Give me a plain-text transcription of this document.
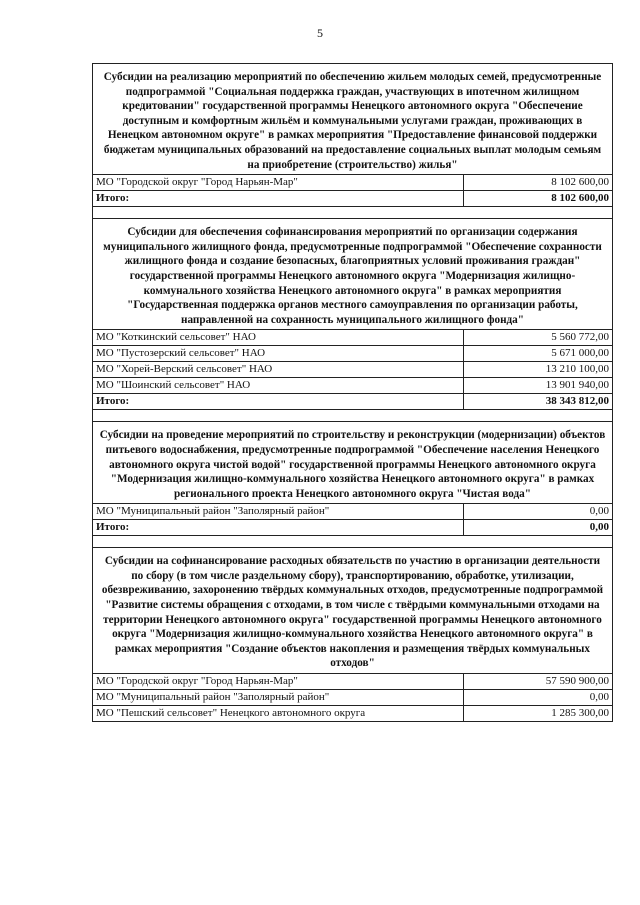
5
Субсидии на реализацию мероприятий по обеспечению жильем молодых семей, предусмотренные подпрограммой "Социальная поддержка граждан, участвующих в ипотечном жилищном кредитовании" государственной программы Ненецкого автономного округа "Обеспечение доступным и комфортным жильём и коммунальными услугами граждан, проживающих в Ненецком автономном округе" в рамках мероприятия "Предоставление финансовой поддержки бюджетам муниципальных образований на предоставление социальных выплат молодым семьям на приобретение (строительство) жилья"
МО "Городской округ "Город Нарьян-Мар"	8 102 600,00
Итого:	8 102 600,00
Субсидии для обеспечения софинансирования мероприятий по организации содержания муниципального жилищного фонда, предусмотренные подпрограммой "Обеспечение сохранности жилищного фонда и создание безопасных, благоприятных условий проживания граждан" государственной программы Ненецкого автономного округа "Модернизация жилищно-коммунального хозяйства Ненецкого автономного округа" в рамках мероприятия "Государственная поддержка органов местного самоуправления по организации работы, направленной на сохранность муниципального жилищного фонда"
МО "Коткинский сельсовет" НАО	5 560 772,00
МО "Пустозерский сельсовет" НАО	5 671 000,00
МО "Хорей-Верский сельсовет" НАО	13 210 100,00
МО "Шоинский сельсовет" НАО	13 901 940,00
Итого:	38 343 812,00
Субсидии на проведение мероприятий по строительству и реконструкции (модернизации) объектов питьевого водоснабжения, предусмотренные подпрограммой "Обеспечение населения Ненецкого автономного округа чистой водой" государственной программы Ненецкого автономного округа "Модернизация жилищно-коммунального хозяйства Ненецкого автономного округа" в рамках регионального проекта Ненецкого автономного округа "Чистая вода"
МО "Муниципальный район "Заполярный район"	0,00
Итого:	0,00
Субсидии на софинансирование расходных обязательств по участию в организации деятельности по сбору (в том числе раздельному сбору), транспортированию, обработке, утилизации, обезвреживанию, захоронению твёрдых коммунальных отходов, предусмотренные подпрограммой "Развитие системы обращения с отходами, в том числе с твёрдыми коммунальными отходами на территории Ненецкого автономного округа" государственной программы Ненецкого автономного округа "Модернизация жилищно-коммунального хозяйства Ненецкого автономного округа" в рамках мероприятия "Создание объектов накопления и размещения твёрдых коммунальных отходов"
МО "Городской округ "Город Нарьян-Мар"	57 590 900,00
МО "Муниципальный район "Заполярный район"	0,00
МО "Пешский сельсовет" Ненецкого автономного округа	1 285 300,00
